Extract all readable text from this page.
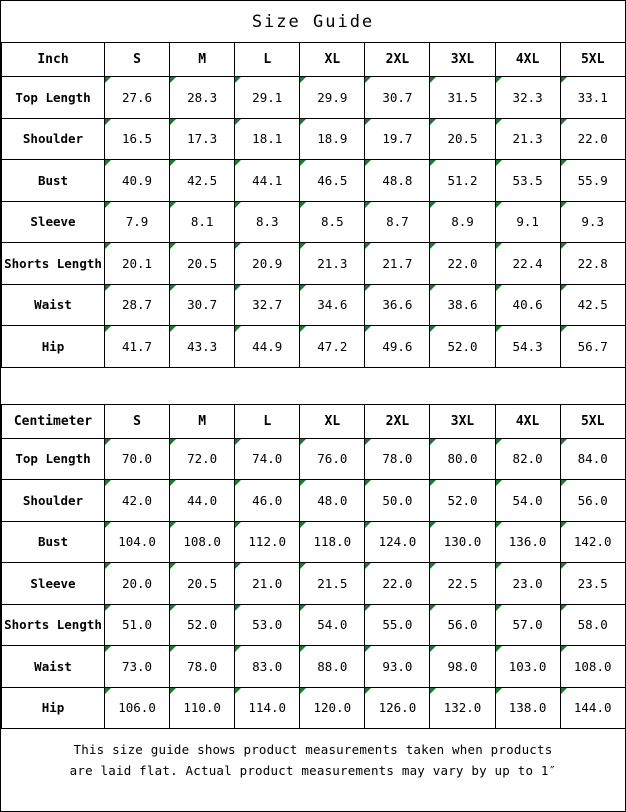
Size Guide
Inch	S	M	L	XL	2XL	3XL	4XL	5XL
Top Length	27.6	28.3	29.1	29.9	30.7	31.5	32.3	33.1
Shoulder	16.5	17.3	18.1	18.9	19.7	20.5	21.3	22.0
Bust	40.9	42.5	44.1	46.5	48.8	51.2	53.5	55.9
Sleeve	7.9	8.1	8.3	8.5	8.7	8.9	9.1	9.3
Shorts Length	20.1	20.5	20.9	21.3	21.7	22.0	22.4	22.8
Waist	28.7	30.7	32.7	34.6	36.6	38.6	40.6	42.5
Hip	41.7	43.3	44.9	47.2	49.6	52.0	54.3	56.7
Centimeter	S	M	L	XL	2XL	3XL	4XL	5XL
Top Length	70.0	72.0	74.0	76.0	78.0	80.0	82.0	84.0
Shoulder	42.0	44.0	46.0	48.0	50.0	52.0	54.0	56.0
Bust	104.0	108.0	112.0	118.0	124.0	130.0	136.0	142.0
Sleeve	20.0	20.5	21.0	21.5	22.0	22.5	23.0	23.5
Shorts Length	51.0	52.0	53.0	54.0	55.0	56.0	57.0	58.0
Waist	73.0	78.0	83.0	88.0	93.0	98.0	103.0	108.0
Hip	106.0	110.0	114.0	120.0	126.0	132.0	138.0	144.0
This size guide shows product measurements taken when products
are laid flat. Actual product measurements may vary by up to 1″
